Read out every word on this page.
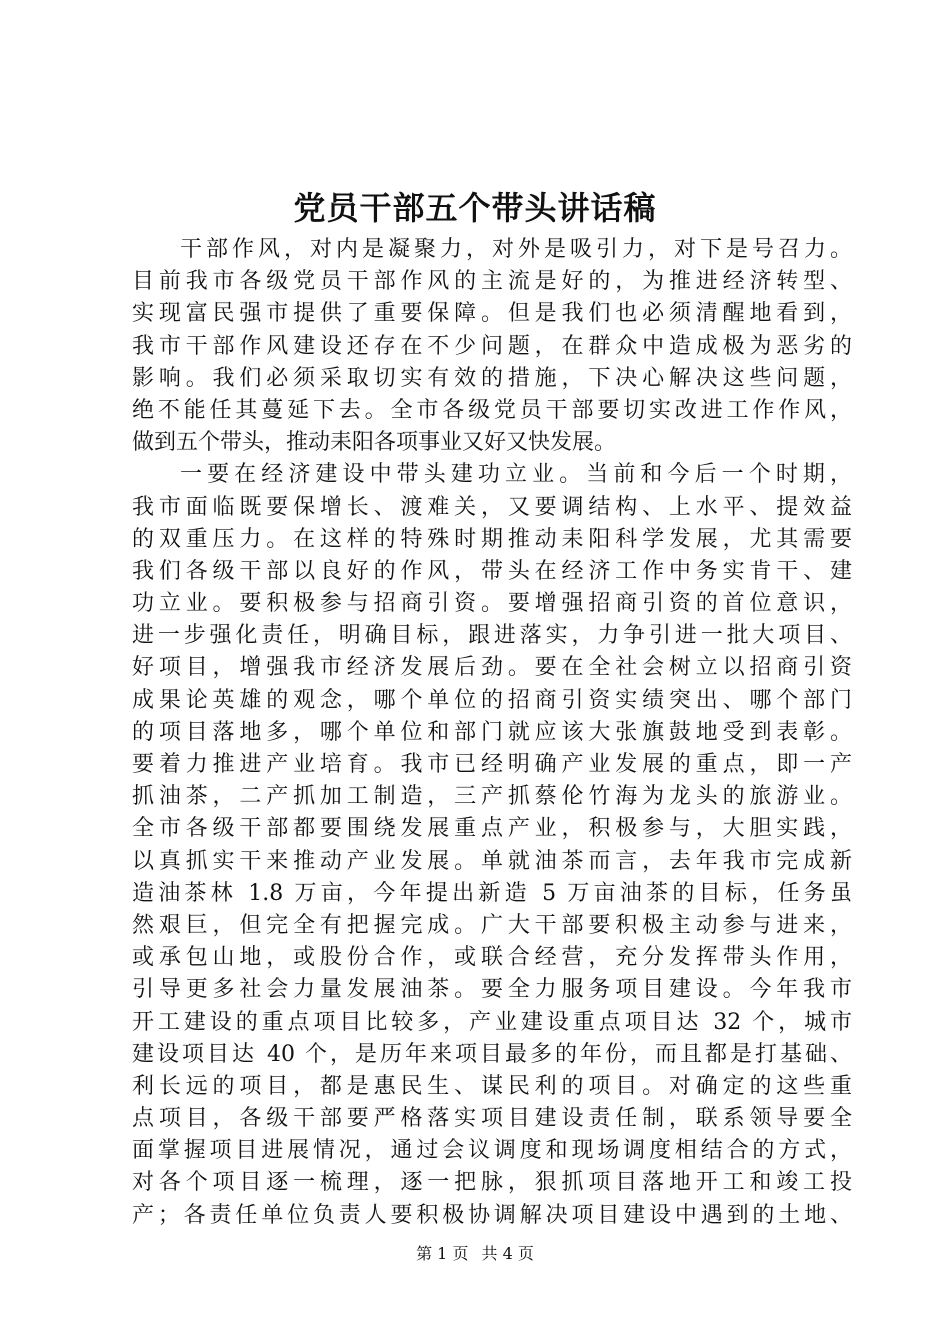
党员干部五个带头讲话稿
干部作风，对内是凝聚力，对外是吸引力，对下是号召力。
目前我市各级党员干部作风的主流是好的，为推进经济转型、
实现富民强市提供了重要保障。但是我们也必须清醒地看到，
我市干部作风建设还存在不少问题，在群众中造成极为恶劣的
影响。我们必须采取切实有效的措施，下决心解决这些问题，
绝不能任其蔓延下去。全市各级党员干部要切实改进工作作风，
做到五个带头，推动耒阳各项事业又好又快发展。
一要在经济建设中带头建功立业。当前和今后一个时期，
我市面临既要保增长、渡难关，又要调结构、上水平、提效益
的双重压力。在这样的特殊时期推动耒阳科学发展，尤其需要
我们各级干部以良好的作风，带头在经济工作中务实肯干、建
功立业。要积极参与招商引资。要增强招商引资的首位意识，
进一步强化责任，明确目标，跟进落实，力争引进一批大项目、
好项目，增强我市经济发展后劲。要在全社会树立以招商引资
成果论英雄的观念，哪个单位的招商引资实绩突出、哪个部门
的项目落地多，哪个单位和部门就应该大张旗鼓地受到表彰。
要着力推进产业培育。我市已经明确产业发展的重点，即一产
抓油茶，二产抓加工制造，三产抓蔡伦竹海为龙头的旅游业。
全市各级干部都要围绕发展重点产业，积极参与，大胆实践，
以真抓实干来推动产业发展。单就油茶而言，去年我市完成新
造油茶林 1.8 万亩，今年提出新造 5 万亩油茶的目标，任务虽
然艰巨，但完全有把握完成。广大干部要积极主动参与进来，
或承包山地，或股份合作，或联合经营，充分发挥带头作用，
引导更多社会力量发展油茶。要全力服务项目建设。今年我市
开工建设的重点项目比较多，产业建设重点项目达 32 个，城市
建设项目达 40 个，是历年来项目最多的年份，而且都是打基础、
利长远的项目，都是惠民生、谋民利的项目。对确定的这些重
点项目，各级干部要严格落实项目建设责任制，联系领导要全
面掌握项目进展情况，通过会议调度和现场调度相结合的方式，
对各个项目逐一梳理，逐一把脉，狠抓项目落地开工和竣工投
产；各责任单位负责人要积极协调解决项目建设中遇到的土地、
第 1 页 共 4 页
